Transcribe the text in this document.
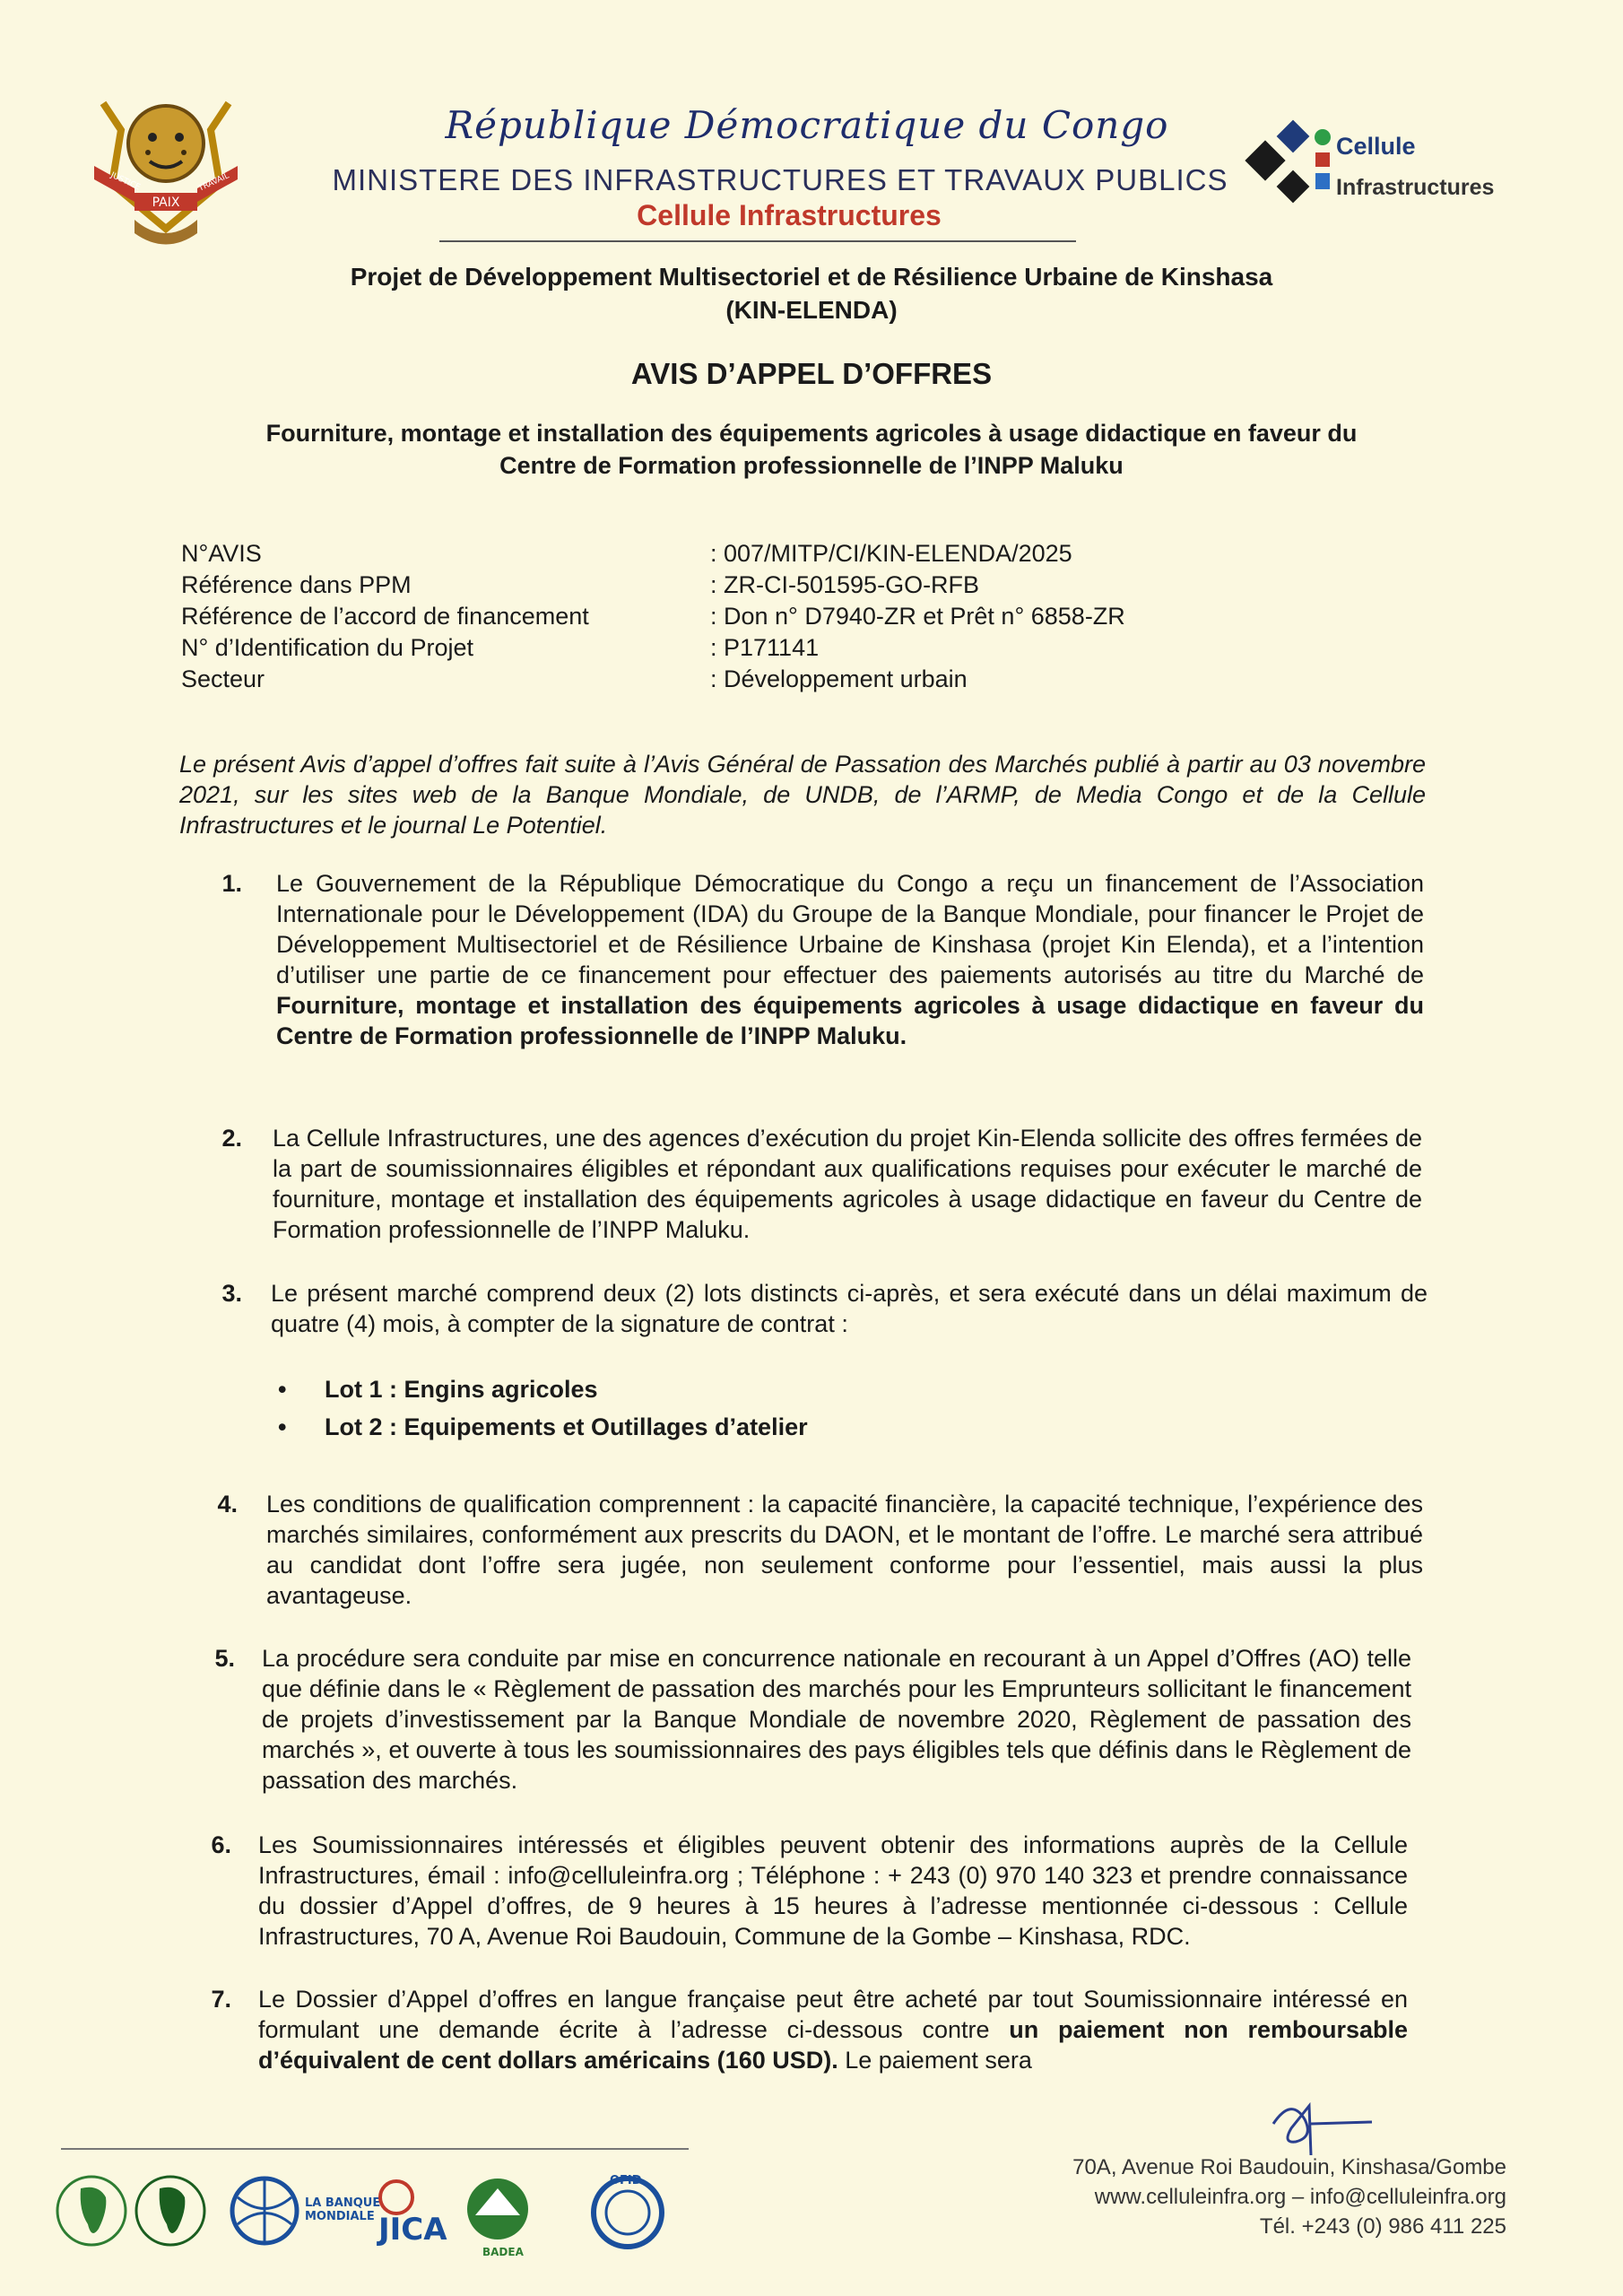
PAIX
JUSTICE	TRAVAIL
République Démocratique du Congo
MINISTERE DES INFRASTRUCTURES ET TRAVAUX PUBLICS
Cellule Infrastructures
Cellule
Infrastructures
Projet de Développement Multisectoriel et de Résilience Urbaine de Kinshasa
(KIN-ELENDA)
AVIS D’APPEL D’OFFRES
Fourniture, montage et installation des équipements agricoles à usage didactique en faveur du
Centre de Formation professionnelle de l’INPP Maluku
N°AVIS	: 007/MITP/CI/KIN-ELENDA/2025
Référence dans PPM	: ZR-CI-501595-GO-RFB
Référence de l’accord de financement	: Don n° D7940-ZR et Prêt n° 6858-ZR
N° d’Identification du Projet	: P171141
Secteur	: Développement urbain
Le présent Avis d’appel d’offres fait suite à l’Avis Général de Passation des Marchés publié à partir au 03 novembre 2021, sur les sites web de la Banque Mondiale, de UNDB, de l’ARMP, de Media Congo et de la Cellule Infrastructures et le journal Le Potentiel.
1. Le Gouvernement de la République Démocratique du Congo a reçu un financement de l’Association Internationale pour le Développement (IDA) du Groupe de la Banque Mondiale, pour financer le Projet de Développement Multisectoriel et de Résilience Urbaine de Kinshasa (projet Kin Elenda), et a l’intention d’utiliser une partie de ce financement pour effectuer des paiements autorisés au titre du Marché de Fourniture, montage et installation des équipements agricoles à usage didactique en faveur du Centre de Formation professionnelle de l’INPP Maluku.
2. La Cellule Infrastructures, une des agences d’exécution du projet Kin-Elenda sollicite des offres fermées de la part de soumissionnaires éligibles et répondant aux qualifications requises pour exécuter le marché de fourniture, montage et installation des équipements agricoles à usage didactique en faveur du Centre de Formation professionnelle de l’INPP Maluku.
3. Le présent marché comprend deux (2) lots distincts ci-après, et sera exécuté dans un délai maximum de quatre (4) mois, à compter de la signature de contrat :
•	Lot 1 : Engins agricoles
•	Lot 2 : Equipements et Outillages d’atelier
4. Les conditions de qualification comprennent : la capacité financière, la capacité technique, l’expérience des marchés similaires, conformément aux prescrits du DAON, et le montant de l’offre. Le marché sera attribué au candidat dont l’offre sera jugée, non seulement conforme pour l’essentiel, mais aussi la plus avantageuse.
5. La procédure sera conduite par mise en concurrence nationale en recourant à un Appel d’Offres (AO) telle que définie dans le « Règlement de passation des marchés pour les Emprunteurs sollicitant le financement de projets d’investissement par la Banque Mondiale de novembre 2020, Règlement de passation des marchés », et ouverte à tous les soumissionnaires des pays éligibles tels que définis dans le Règlement de passation des marchés.
6. Les Soumissionnaires intéressés et éligibles peuvent obtenir des informations auprès de la Cellule Infrastructures, émail : info@celluleinfra.org ; Téléphone : + 243 (0) 970 140 323 et prendre connaissance du dossier d’Appel d’offres, de 9 heures à 15 heures à l’adresse mentionnée ci-dessous : Cellule Infrastructures, 70 A, Avenue Roi Baudouin, Commune de la Gombe – Kinshasa, RDC.
7. Le Dossier d’Appel d’offres en langue française peut être acheté par tout Soumissionnaire intéressé en formulant une demande écrite à l’adresse ci-dessous contre un paiement non remboursable d’équivalent de cent dollars américains (160 USD). Le paiement sera
LA BANQUE MONDIALE JICA
BADEA
OFID
70A, Avenue Roi Baudouin, Kinshasa/Gombe
www.celluleinfra.org – info@celluleinfra.org
Tél. +243 (0) 986 411 225
